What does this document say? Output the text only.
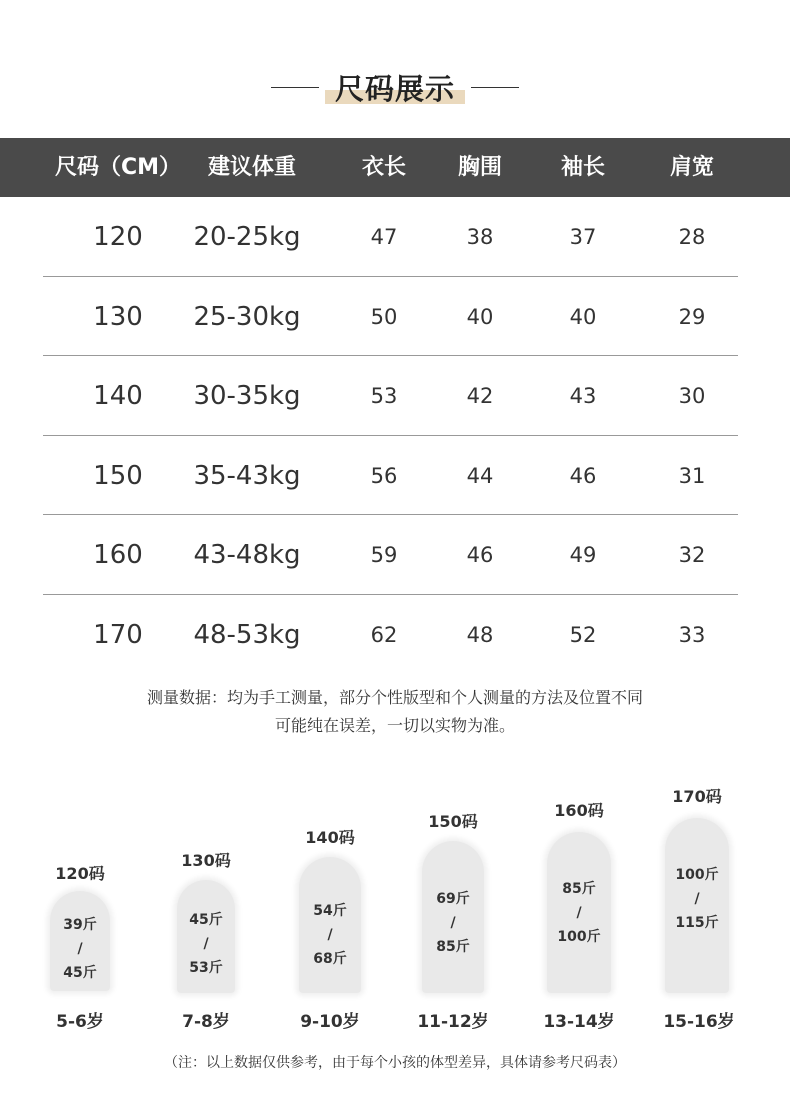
尺码展示
尺码（CM）	建议体重	衣长	胸围	袖长	肩宽
120	20-25kg	47	38	37	28
130	25-30kg	50	40	40	29
140	30-35kg	53	42	43	30
150	35-43kg	56	44	46	31
160	43-48kg	59	46	49	32
170	48-53kg	62	48	52	33
测量数据：均为手工测量，部分个性版型和个人测量的方法及位置不同
可能纯在误差，一切以实物为准。
120码
39斤
/
45斤
130码
45斤
/
53斤
140码
54斤
/
68斤
150码
69斤
/
85斤
160码
85斤
/
100斤
170码
100斤
/
115斤
5-6岁	7-8岁	9-10岁	11-12岁	13-14岁	15-16岁
（注：以上数据仅供参考，由于每个小孩的体型差异，具体请参考尺码表）
